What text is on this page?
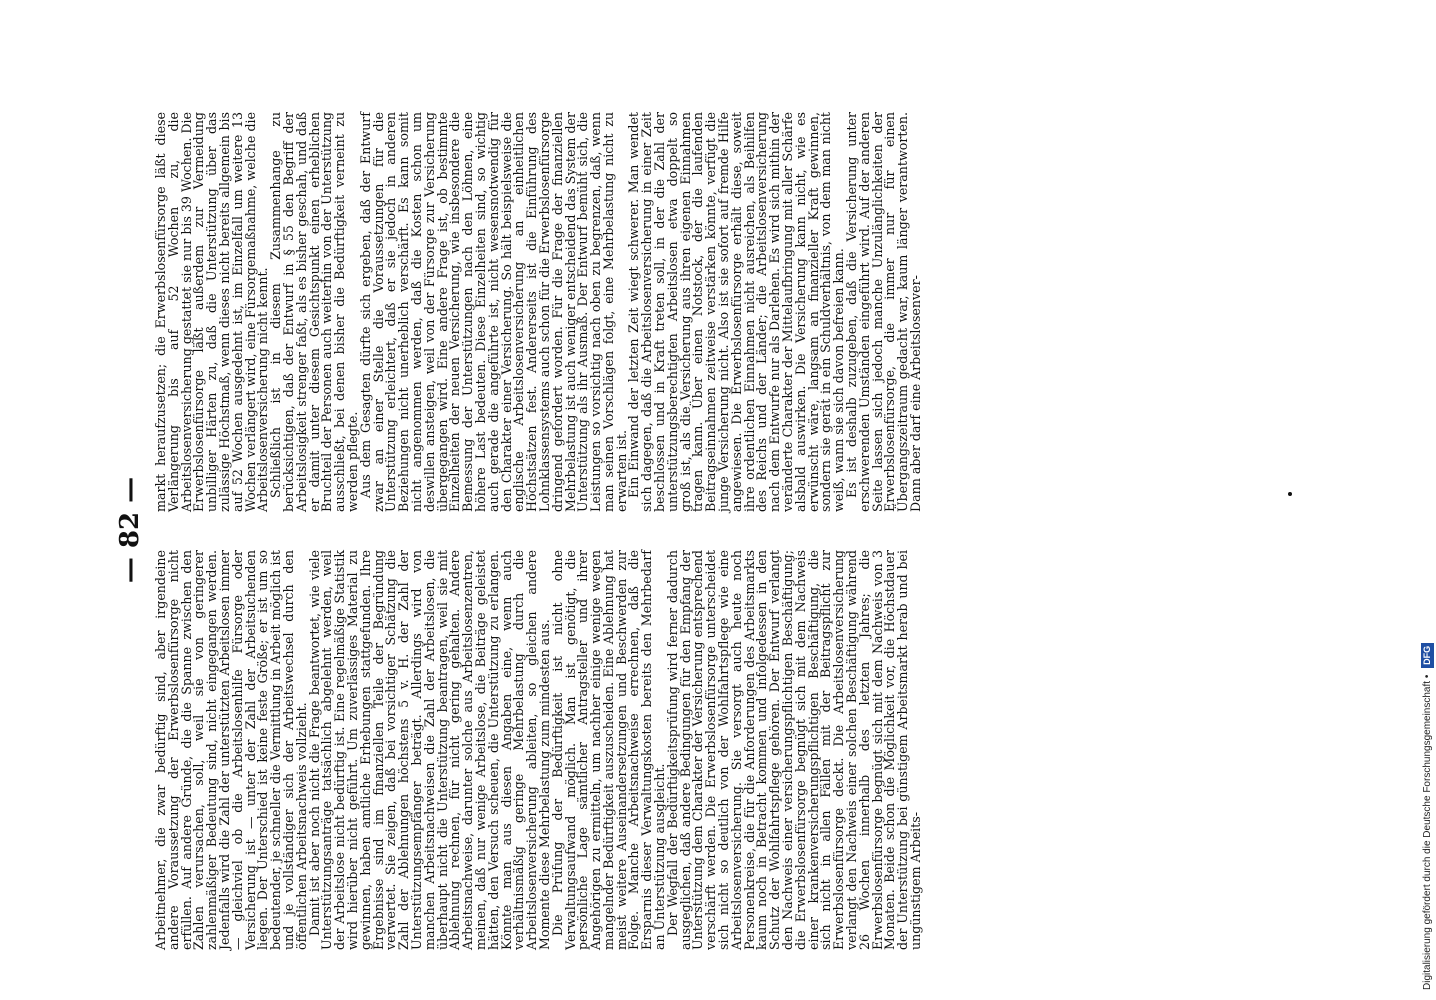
— 82 —

Arbeitnehmer, die zwar bedürftig sind, aber irgendeine andere Voraussetzung der Erwerbslosenfürsorge nicht erfüllen. Auf andere Gründe, die die Spanne zwischen den Zahlen verursachen, soll, weil sie von geringerer zahlenmäßiger Bedeutung sind, nicht eingegangen werden. Jedenfalls wird die Zahl der unterstützten Arbeitslosen immer — gleichviel ob die Arbeitslosenhilfe Fürsorge oder Versicherung ist — unter der Zahl der Arbeitsuchenden liegen. Der Unterschied ist keine feste Größe; er ist um so bedeutender, je schneller die Vermittlung in Arbeit möglich ist und je vollständiger sich der Arbeitswechsel durch den öffentlichen Arbeitsnachweis vollzieht.

Damit ist aber noch nicht die Frage beantwortet, wie viele Unterstützungsanträge tatsächlich abgelehnt werden, weil der Arbeitslose nicht bedürftig ist. Eine regelmäßige Statistik wird hierüber nicht geführt. Um zuverlässiges Material zu gewinnen, haben amtliche Erhebungen stattgefunden. Ihre Ergebnisse sind im finanziellen Teile der Begründung verwertet. Sie zeigen, daß bei vorsichtiger Schätzung die Zahl der Ablehnungen höchstens 5 v. H. der Zahl der Unterstützungsempfänger beträgt. Allerdings wird von manchen Arbeitsnachweisen die Zahl der Arbeitslosen, die überhaupt nicht die Unterstützung beantragen, weil sie mit Ablehnung rechnen, für nicht gering gehalten. Andere Arbeitsnachweise, darunter solche aus Arbeitslosenzentren, meinen, daß nur wenige Arbeitslose, die Beiträge geleistet hätten, den Versuch scheuen, die Unterstützung zu erlangen. Könnte man aus diesen Angaben eine, wenn auch verhältnismäßig geringe Mehrbelastung durch die Arbeitslosenversicherung ableiten, so gleichen andere Momente diese Mehrbelastung zum mindesten aus.

Die Prüfung der Bedürftigkeit ist nicht ohne Verwaltungsaufwand möglich. Man ist genötigt, die persönliche Lage sämtlicher Antragsteller und ihrer Angehörigen zu ermitteln, um nachher einige wenige wegen mangelnder Bedürftigkeit auszuscheiden. Eine Ablehnung hat meist weitere Auseinandersetzungen und Beschwerden zur Folge. Manche Arbeitsnachweise errechnen, daß die Ersparnis dieser Verwaltungskosten bereits den Mehrbedarf an Unterstützung ausgleicht.

Der Wegfall der Bedürftigkeitsprüfung wird ferner dadurch ausgeglichen, daß andere Bedingungen für den Empfang der Unterstützung dem Charakter der Versicherung entsprechend verschärft werden. Die Erwerbslosenfürsorge unterscheidet sich nicht so deutlich von der Wohlfahrtspflege wie eine Arbeitslosenversicherung. Sie versorgt auch heute noch Personenkreise, die für die Anforderungen des Arbeitsmarkts kaum noch in Betracht kommen und infolgedessen in den Schutz der Wohlfahrtspflege gehören. Der Entwurf verlangt den Nachweis einer versicherungspflichtigen Beschäftigung; die Erwerbslosenfürsorge begnügt sich mit dem Nachweis einer krankenversicherungspflichtigen Beschäftigung, die sich nicht in allen Fällen mit der Beitragspflicht zur Erwerbslosenfürsorge deckt. Die Arbeitslosenversicherung verlangt den Nachweis einer solchen Beschäftigung während 26 Wochen innerhalb des letzten Jahres; die Erwerbslosenfürsorge begnügt sich mit dem Nachweis von 3 Monaten. Beide schon die Möglichkeit vor, die Höchstdauer der Unterstützung bei günstigem Arbeitsmarkt herab und bei ungünstigem Arbeits-

markt heraufzusetzen; die Erwerbslosenfürsorge läßt diese Verlängerung bis auf 52 Wochen zu, die Arbeitslosenversicherung gestattet sie nur bis 39 Wochen. Die Erwerbslosenfürsorge läßt außerdem zur Vermeidung unbilliger Härten zu, daß die Unterstützung über das zulässige Höchstmaß, wenn dieses nicht bereits allgemein bis auf 52 Wochen ausgedehnt ist, im Einzelfall um weitere 13 Wochen verlängert wird, eine Fürsorgemaßnahme, welche die Arbeitslosenversicherung nicht kennt.

Schließlich ist in diesem Zusammenhange zu berücksichtigen, daß der Entwurf in § 55 den Begriff der Arbeitslosigkeit strenger faßt, als es bisher geschah, und daß er damit unter diesem Gesichtspunkt einen erheblichen Bruchteil der Personen auch weiterhin von der Unterstützung ausschließt, bei denen bisher die Bedürftigkeit verneint zu werden pflegte.

Aus dem Gesagten dürfte sich ergeben, daß der Entwurf zwar an einer Stelle die Voraussetzungen für die Unterstützung erleichtert, daß er sie jedoch in anderen Beziehungen nicht unerheblich verschärft. Es kann somit nicht angenommen werden, daß die Kosten schon um deswillen ansteigen, weil von der Fürsorge zur Versicherung übergegangen wird. Eine andere Frage ist, ob bestimmte Einzelheiten der neuen Versicherung, wie insbesondere die Bemessung der Unterstützungen nach den Löhnen, eine höhere Last bedeuten. Diese Einzelheiten sind, so wichtig auch gerade die angeführte ist, nicht wesensnotwendig für den Charakter einer Versicherung. So hält beispielsweise die englische Arbeitslosenversicherung an einheitlichen Höchstsätzen fest. Andererseits ist die Einführung des Lohnklassensystems auch schon für die Erwerbslosenfürsorge dringend gefordert worden. Für die Frage der finanziellen Mehrbelastung ist auch weniger entscheidend das System der Unterstützung als ihr Ausmaß. Der Entwurf bemüht sich, die Leistungen so vorsichtig nach oben zu begrenzen, daß, wenn man seinen Vorschlägen folgt, eine Mehrbelastung nicht zu erwarten ist.

Ein Einwand der letzten Zeit wiegt schwerer. Man wendet sich dagegen, daß die Arbeitslosenversicherung in einer Zeit beschlossen und in Kraft treten soll, in der die Zahl der unterstützungsberechtigten Arbeitslosen etwa doppelt so groß ist, als die Versicherung aus ihren eigenen Einnahmen tragen kann. Über einen Notstock, der die laufenden Beitragseinnahmen zeitweise verstärken könnte, verfügt die junge Versicherung nicht. Also ist sie sofort auf fremde Hilfe angewiesen. Die Erwerbslosenfürsorge erhält diese, soweit ihre ordentlichen Einnahmen nicht ausreichen, als Beihilfen des Reichs und der Länder; die Arbeitslosenversicherung nach dem Entwurfe nur als Darlehen. Es wird sich mithin der veränderte Charakter der Mittelaufbringung mit aller Schärfe alsbald auswirken. Die Versicherung kann nicht, wie es erwünscht wäre, langsam an finanzieller Kraft gewinnen, sondern sie gerät in ein Schuldverhältnis, von dem man nicht weiß, wann sie sich davon befreien kann.

Es ist deshalb zuzugeben, daß die Versicherung unter erschwerenden Umständen eingeführt wird. Auf der anderen Seite lassen sich jedoch manche Unzulänglichkeiten der Erwerbslosenfürsorge, die immer nur für einen Übergangszeitraum gedacht war, kaum länger verantworten. Dann aber darf eine Arbeitslosenver-

Digitalisierung gefördert durch die Deutsche Forschungsgemeinschaft • DFG
